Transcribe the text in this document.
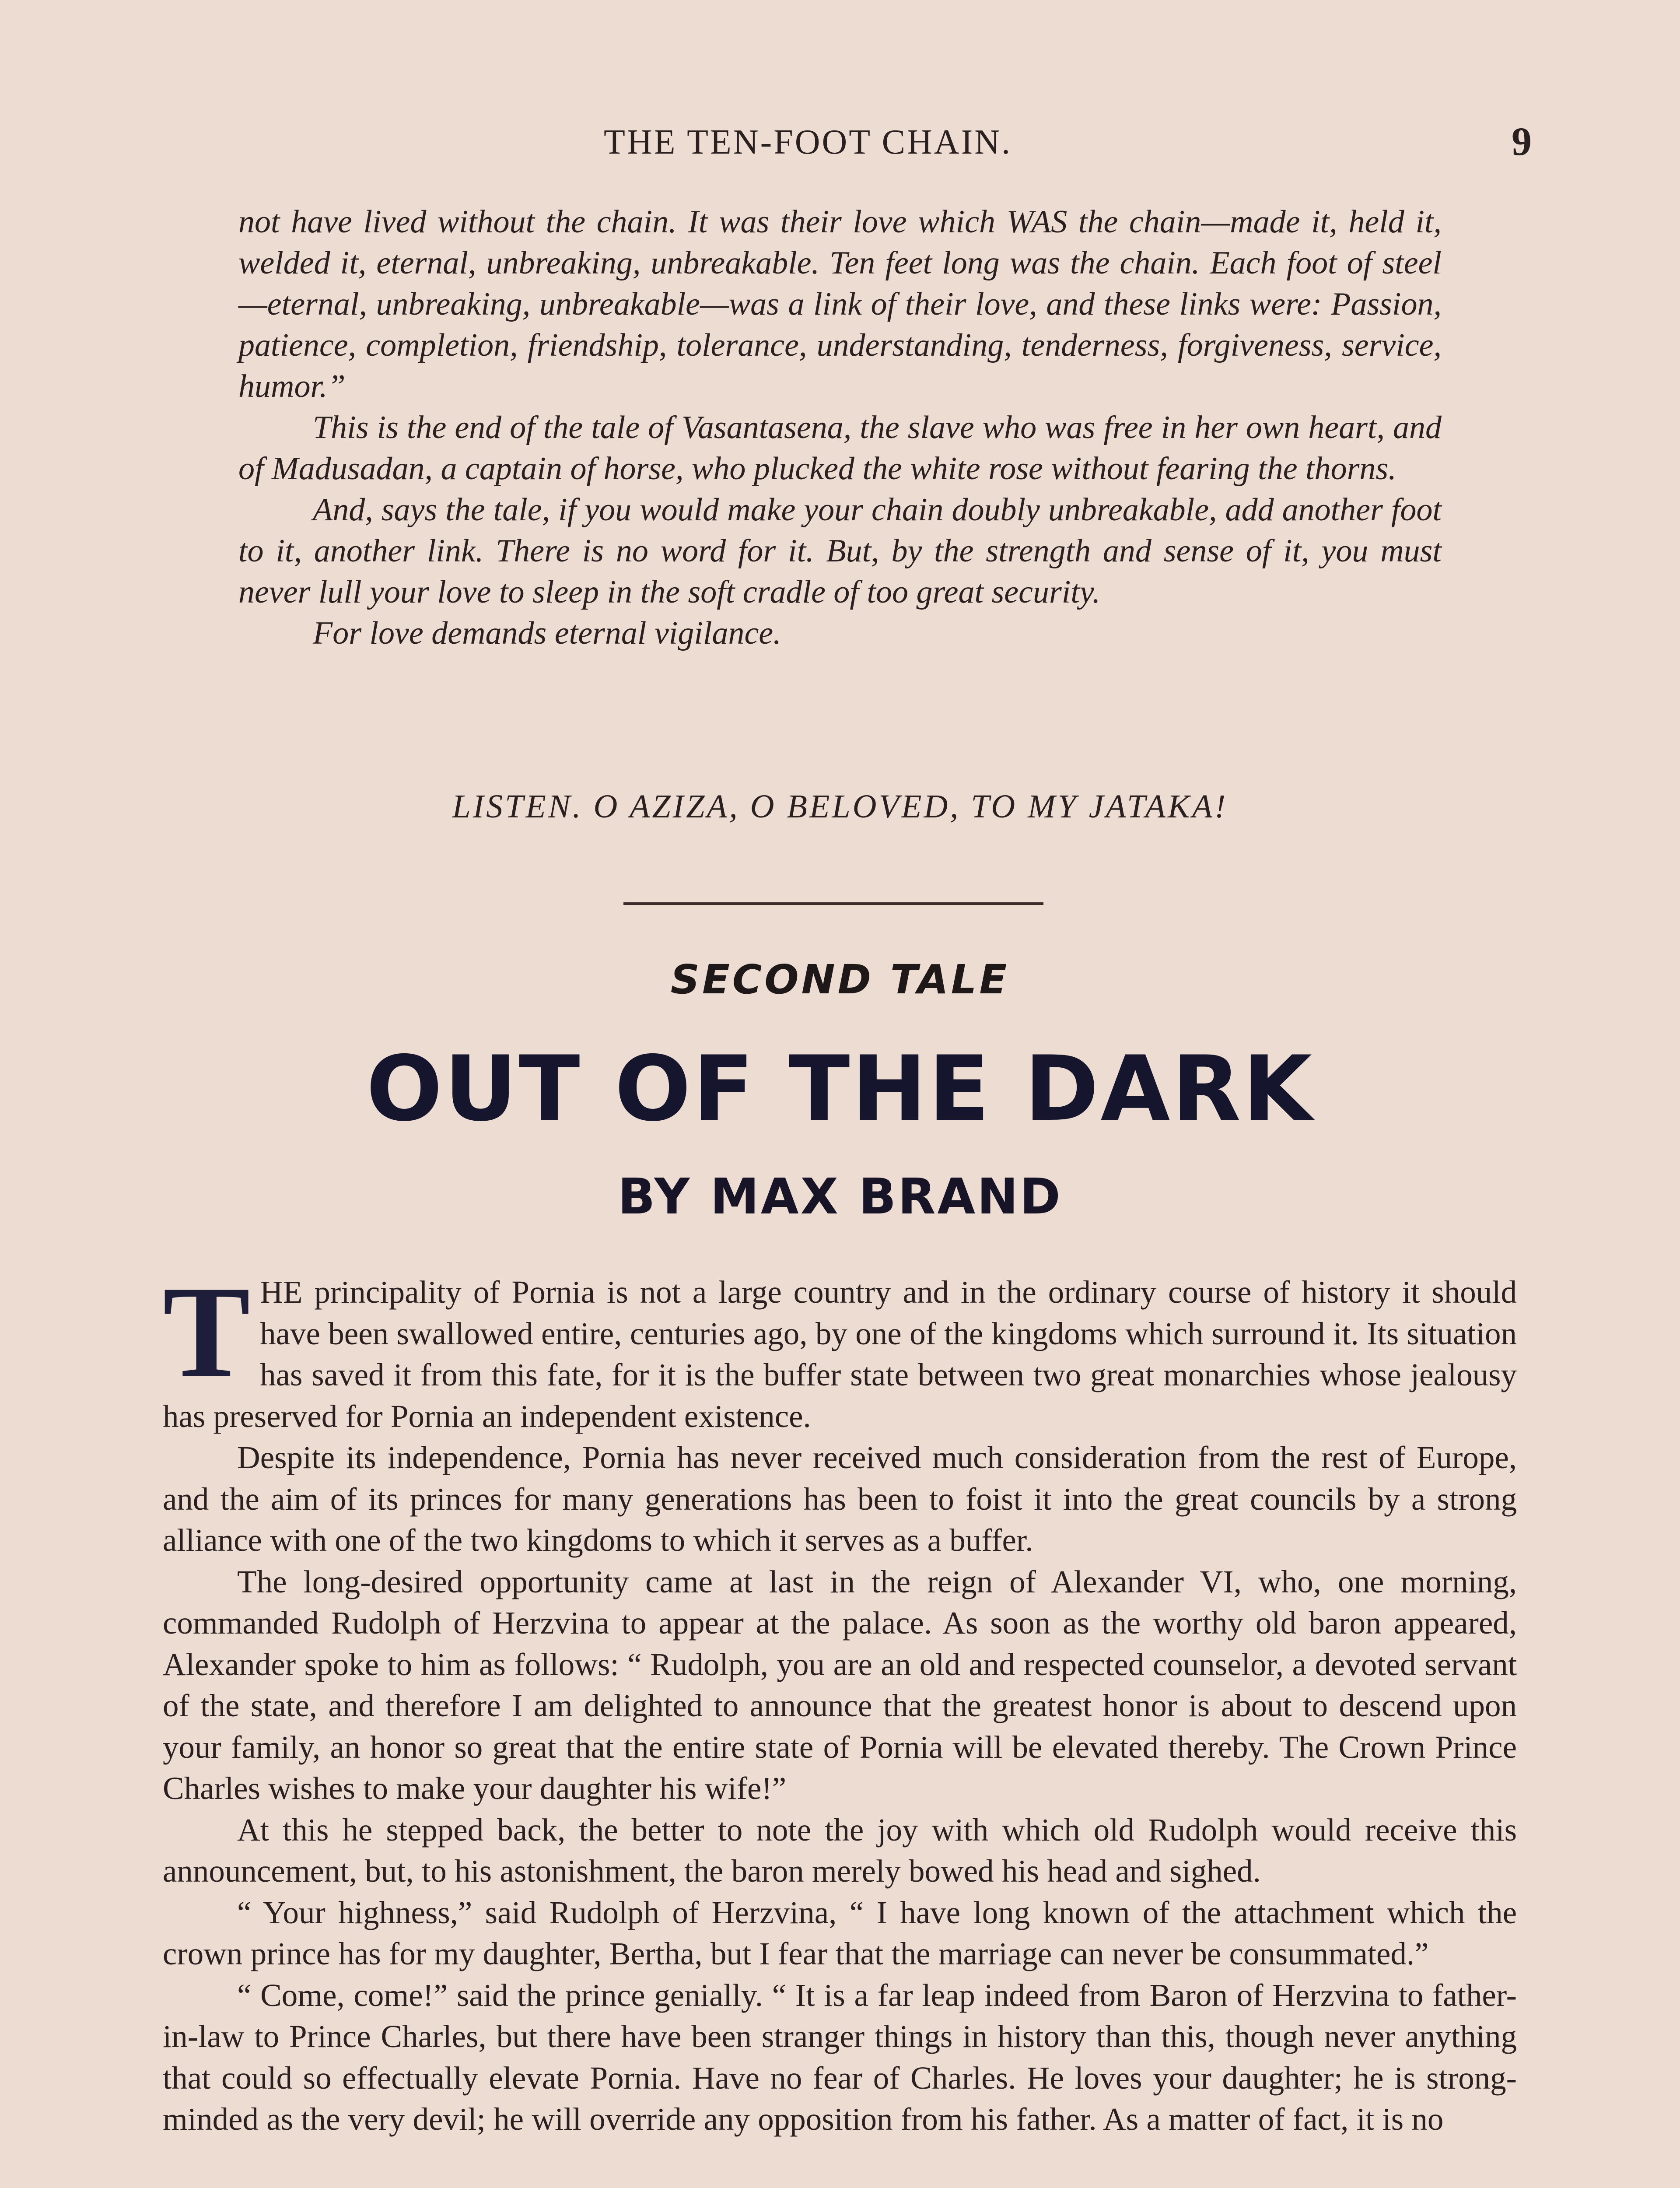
THE TEN-FOOT CHAIN.	9

not have lived without the chain. It was their love which WAS the chain—made it, held it, welded it, eternal, unbreaking, unbreakable. Ten feet long was the chain. Each foot of steel—eternal, unbreaking, unbreakable—was a link of their love, and these links were: Passion, patience, completion, friendship, tolerance, understanding, tenderness, forgiveness, service, humor.”

This is the end of the tale of Vasantasena, the slave who was free in her own heart, and of Madusadan, a captain of horse, who plucked the white rose without fearing the thorns.

And, says the tale, if you would make your chain doubly unbreakable, add another foot to it, another link. There is no word for it. But, by the strength and sense of it, you must never lull your love to sleep in the soft cradle of too great security.

For love demands eternal vigilance.

LISTEN. O AZIZA, O BELOVED, TO MY JATAKA!
SECOND TALE
OUT OF THE DARK
BY MAX BRAND

THE principality of Pornia is not a large country and in the ordinary course of history it should have been swallowed entire, centuries ago, by one of the kingdoms which surround it. Its situation has saved it from this fate, for it is the buffer state between two great monarchies whose jealousy has preserved for Pornia an independent existence.

Despite its independence, Pornia has never received much consideration from the rest of Europe, and the aim of its princes for many generations has been to foist it into the great councils by a strong alliance with one of the two kingdoms to which it serves as a buffer.

The long-desired opportunity came at last in the reign of Alexander VI, who, one morning, commanded Rudolph of Herzvina to appear at the palace. As soon as the worthy old baron appeared, Alexander spoke to him as follows: “ Rudolph, you are an old and respected counselor, a devoted servant of the state, and therefore I am delighted to announce that the greatest honor is about to descend upon your family, an honor so great that the entire state of Pornia will be elevated thereby. The Crown Prince Charles wishes to make your daughter his wife!”

At this he stepped back, the better to note the joy with which old Rudolph would receive this announcement, but, to his astonishment, the baron merely bowed his head and sighed.

“ Your highness,” said Rudolph of Herzvina, “ I have long known of the attachment which the crown prince has for my daughter, Bertha, but I fear that the marriage can never be consummated.”

“ Come, come!” said the prince genially. “ It is a far leap indeed from Baron of Herzvina to father-in-law to Prince Charles, but there have been stranger things in history than this, though never anything that could so effectually elevate Pornia. Have no fear of Charles. He loves your daughter; he is strong-minded as the very devil; he will override any opposition from his father. As a matter of fact, it is no
